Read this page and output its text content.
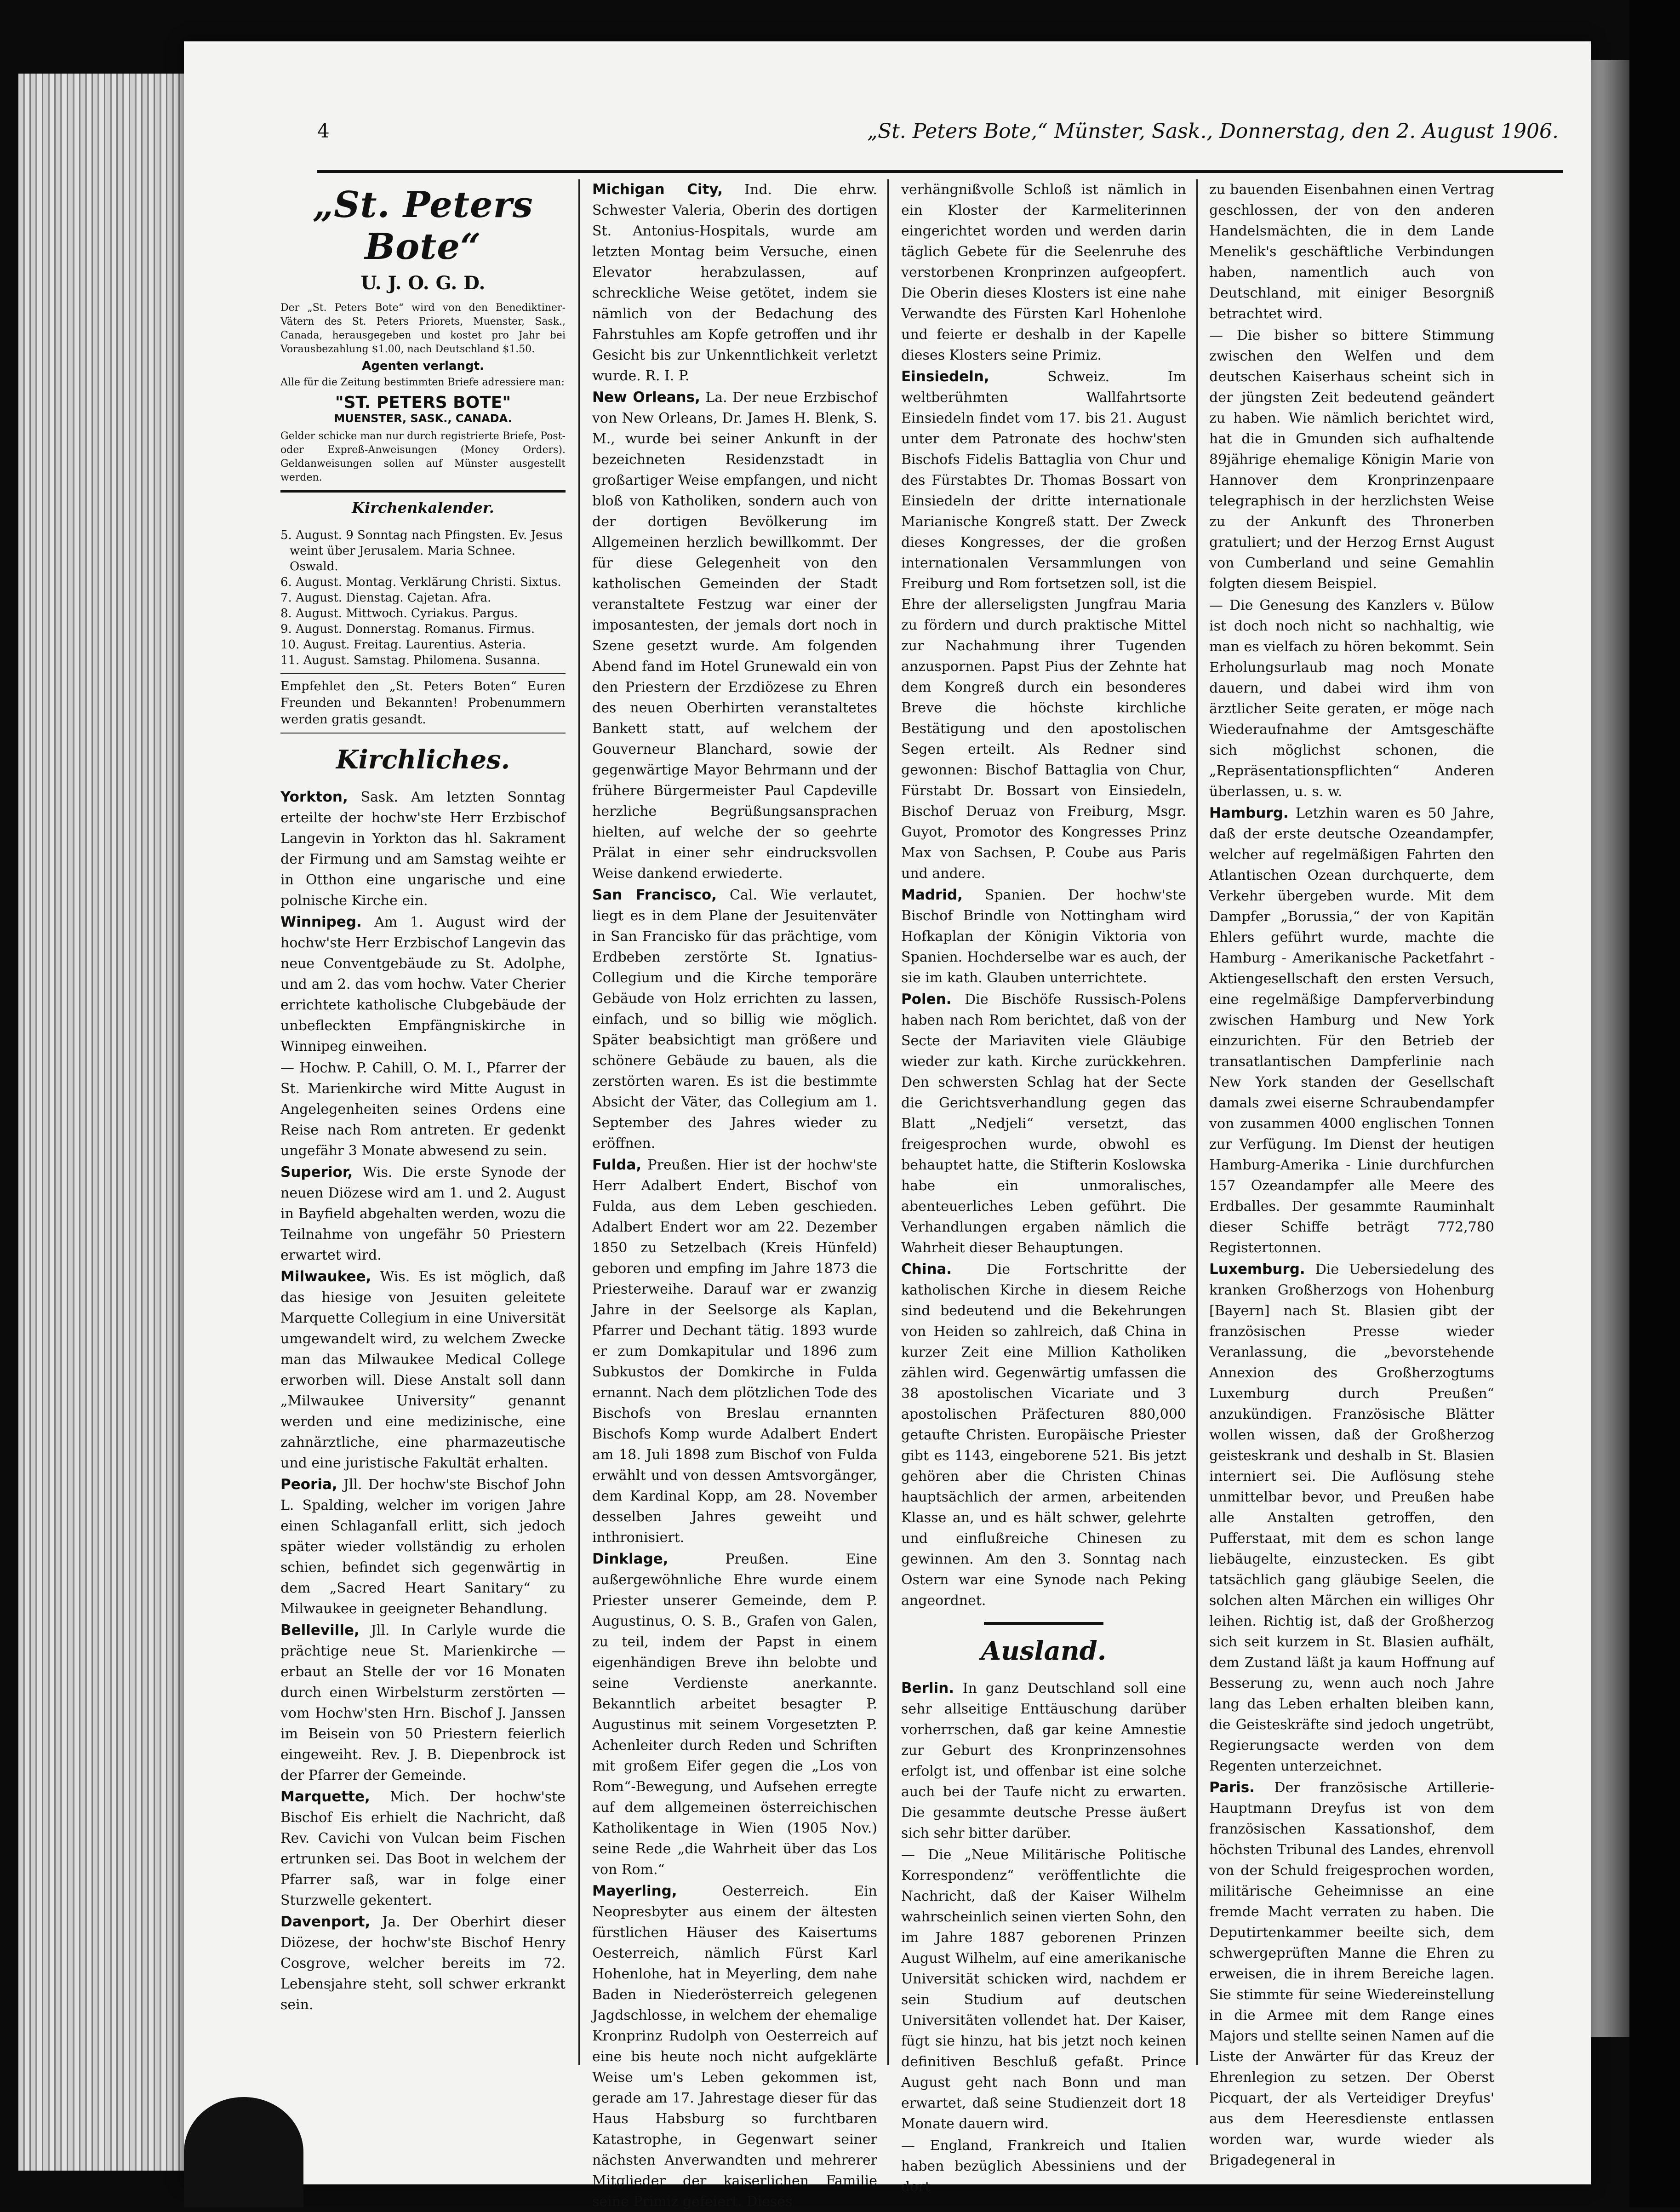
4	„St. Peters Bote,“ Münster, Sask., Donnerstag, den 2. August 1906.
„St. Peters Bote“
U. J. O. G. D.

Der „St. Peters Bote“ wird von den Benediktiner-Vätern des St. Peters Priorets, Muenster, Sask., Canada, herausgegeben und kostet pro Jahr bei Vorausbezahlung $1.00, nach Deutschland $1.50.

Agenten verlangt.

Alle für die Zeitung bestimmten Briefe adressiere man:

"ST. PETERS BOTE"
MUENSTER, SASK., CANADA.

Gelder schicke man nur durch registrierte Briefe, Post- oder Expreß-Anweisungen (Money Orders). Geldanweisungen sollen auf Münster ausgestellt werden.

Kirchenkalender.

5. August. 9 Sonntag nach Pfingsten. Ev. Jesus weint über Jerusalem. Maria Schnee. Oswald.

6. August. Montag. Verklärung Christi. Sixtus.

7. August. Dienstag. Cajetan. Afra.

8. August. Mittwoch. Cyriakus. Pargus.

9. August. Donnerstag. Romanus. Firmus.

10. August. Freitag. Laurentius. Asteria.

11. August. Samstag. Philomena. Susanna.

Empfehlet den „St. Peters Boten“ Euren Freunden und Bekannten! Probenummern werden gratis gesandt.

Kirchliches.

Yorkton, Sask. Am letzten Sonntag erteilte der hochw'ste Herr Erzbischof Langevin in Yorkton das hl. Sakrament der Firmung und am Samstag weihte er in Otthon eine ungarische und eine polnische Kirche ein.

Winnipeg. Am 1. August wird der hochw'ste Herr Erzbischof Langevin das neue Conventgebäude zu St. Adolphe, und am 2. das vom hochw. Vater Cherier errichtete katholische Clubgebäude der unbefleckten Empfängniskirche in Winnipeg einweihen.

— Hochw. P. Cahill, O. M. I., Pfarrer der St. Marienkirche wird Mitte August in Angelegenheiten seines Ordens eine Reise nach Rom antreten. Er gedenkt ungefähr 3 Monate abwesend zu sein.

Superior, Wis. Die erste Synode der neuen Diözese wird am 1. und 2. August in Bayfield abgehalten werden, wozu die Teilnahme von ungefähr 50 Priestern erwartet wird.

Milwaukee, Wis. Es ist möglich, daß das hiesige von Jesuiten geleitete Marquette Collegium in eine Universität umgewandelt wird, zu welchem Zwecke man das Milwaukee Medical College erworben will. Diese Anstalt soll dann „Milwaukee University“ genannt werden und eine medizinische, eine zahnärztliche, eine pharmazeutische und eine juristische Fakultät erhalten.

Peoria, Jll. Der hochw'ste Bischof John L. Spalding, welcher im vorigen Jahre einen Schlaganfall erlitt, sich jedoch später wieder vollständig zu erholen schien, befindet sich gegenwärtig in dem „Sacred Heart Sanitary“ zu Milwaukee in geeigneter Behandlung.

Belleville, Jll. In Carlyle wurde die prächtige neue St. Marienkirche — erbaut an Stelle der vor 16 Monaten durch einen Wirbelsturm zerstörten — vom Hochw'sten Hrn. Bischof J. Janssen im Beisein von 50 Priestern feierlich eingeweiht. Rev. J. B. Diepenbrock ist der Pfarrer der Gemeinde.

Marquette, Mich. Der hochw'ste Bischof Eis erhielt die Nachricht, daß Rev. Cavichi von Vulcan beim Fischen ertrunken sei. Das Boot in welchem der Pfarrer saß, war in folge einer Sturzwelle gekentert.

Davenport, Ja. Der Oberhirt dieser Diözese, der hochw'ste Bischof Henry Cosgrove, welcher bereits im 72. Lebensjahre steht, soll schwer erkrankt sein.

Michigan City, Ind. Die ehrw. Schwester Valeria, Oberin des dortigen St. Antonius-Hospitals, wurde am letzten Montag beim Versuche, einen Elevator herabzulassen, auf schreckliche Weise getötet, indem sie nämlich von der Bedachung des Fahrstuhles am Kopfe getroffen und ihr Gesicht bis zur Unkenntlichkeit verletzt wurde. R. I. P.

New Orleans, La. Der neue Erzbischof von New Orleans, Dr. James H. Blenk, S. M., wurde bei seiner Ankunft in der bezeichneten Residenzstadt in großartiger Weise empfangen, und nicht bloß von Katholiken, sondern auch von der dortigen Bevölkerung im Allgemeinen herzlich bewillkommt. Der für diese Gelegenheit von den katholischen Gemeinden der Stadt veranstaltete Festzug war einer der imposantesten, der jemals dort noch in Szene gesetzt wurde. Am folgenden Abend fand im Hotel Grunewald ein von den Priestern der Erzdiözese zu Ehren des neuen Oberhirten veranstaltetes Bankett statt, auf welchem der Gouverneur Blanchard, sowie der gegenwärtige Mayor Behrmann und der frühere Bürgermeister Paul Capdeville herzliche Begrüßungsansprachen hielten, auf welche der so geehrte Prälat in einer sehr eindrucksvollen Weise dankend erwiederte.

San Francisco, Cal. Wie verlautet, liegt es in dem Plane der Jesuitenväter in San Francisko für das prächtige, vom Erdbeben zerstörte St. Ignatius-Collegium und die Kirche temporäre Gebäude von Holz errichten zu lassen, einfach, und so billig wie möglich. Später beabsichtigt man größere und schönere Gebäude zu bauen, als die zerstörten waren. Es ist die bestimmte Absicht der Väter, das Collegium am 1. September des Jahres wieder zu eröffnen.

Fulda, Preußen. Hier ist der hochw'ste Herr Adalbert Endert, Bischof von Fulda, aus dem Leben geschieden. Adalbert Endert wor am 22. Dezember 1850 zu Setzelbach (Kreis Hünfeld) geboren und empfing im Jahre 1873 die Priesterweihe. Darauf war er zwanzig Jahre in der Seelsorge als Kaplan, Pfarrer und Dechant tätig. 1893 wurde er zum Domkapitular und 1896 zum Subkustos der Domkirche in Fulda ernannt. Nach dem plötzlichen Tode des Bischofs von Breslau ernannten Bischofs Komp wurde Adalbert Endert am 18. Juli 1898 zum Bischof von Fulda erwählt und von dessen Amtsvorgänger, dem Kardinal Kopp, am 28. November desselben Jahres geweiht und inthronisiert.

Dinklage, Preußen. Eine außergewöhnliche Ehre wurde einem Priester unserer Gemeinde, dem P. Augustinus, O. S. B., Grafen von Galen, zu teil, indem der Papst in einem eigenhändigen Breve ihn belobte und seine Verdienste anerkannte. Bekanntlich arbeitet besagter P. Augustinus mit seinem Vorgesetzten P. Achenleiter durch Reden und Schriften mit großem Eifer gegen die „Los von Rom“-Bewegung, und Aufsehen erregte auf dem allgemeinen österreichischen Katholikentage in Wien (1905 Nov.) seine Rede „die Wahrheit über das Los von Rom.“

Mayerling, Oesterreich. Ein Neopresbyter aus einem der ältesten fürstlichen Häuser des Kaisertums Oesterreich, nämlich Fürst Karl Hohenlohe, hat in Meyerling, dem nahe Baden in Niederösterreich gelegenen Jagdschlosse, in welchem der ehemalige Kronprinz Rudolph von Oesterreich auf eine bis heute noch nicht aufgeklärte Weise um's Leben gekommen ist, gerade am 17. Jahrestage dieser für das Haus Habsburg so furchtbaren Katastrophe, in Gegenwart seiner nächsten Anverwandten und mehrerer Mitglieder der kaiserlichen Familie seine Primiz gefeiert. Dieses

verhängnißvolle Schloß ist nämlich in ein Kloster der Karmeliterinnen eingerichtet worden und werden darin täglich Gebete für die Seelenruhe des verstorbenen Kronprinzen aufgeopfert. Die Oberin dieses Klosters ist eine nahe Verwandte des Fürsten Karl Hohenlohe und feierte er deshalb in der Kapelle dieses Klosters seine Primiz.

Einsiedeln, Schweiz. Im weltberühmten Wallfahrtsorte Einsiedeln findet vom 17. bis 21. August unter dem Patronate des hochw'sten Bischofs Fidelis Battaglia von Chur und des Fürstabtes Dr. Thomas Bossart von Einsiedeln der dritte internationale Marianische Kongreß statt. Der Zweck dieses Kongresses, der die großen internationalen Versammlungen von Freiburg und Rom fortsetzen soll, ist die Ehre der allerseligsten Jungfrau Maria zu fördern und durch praktische Mittel zur Nachahmung ihrer Tugenden anzuspornen. Papst Pius der Zehnte hat dem Kongreß durch ein besonderes Breve die höchste kirchliche Bestätigung und den apostolischen Segen erteilt. Als Redner sind gewonnen: Bischof Battaglia von Chur, Fürstabt Dr. Bossart von Einsiedeln, Bischof Deruaz von Freiburg, Msgr. Guyot, Promotor des Kongresses Prinz Max von Sachsen, P. Coube aus Paris und andere.

Madrid, Spanien. Der hochw'ste Bischof Brindle von Nottingham wird Hofkaplan der Königin Viktoria von Spanien. Hochderselbe war es auch, der sie im kath. Glauben unterrichtete.

Polen. Die Bischöfe Russisch-Polens haben nach Rom berichtet, daß von der Secte der Mariaviten viele Gläubige wieder zur kath. Kirche zurückkehren. Den schwersten Schlag hat der Secte die Gerichtsverhandlung gegen das Blatt „Nedjeli“ versetzt, das freigesprochen wurde, obwohl es behauptet hatte, die Stifterin Koslowska habe ein unmoralisches, abenteuerliches Leben geführt. Die Verhandlungen ergaben nämlich die Wahrheit dieser Behauptungen.

China. Die Fortschritte der katholischen Kirche in diesem Reiche sind bedeutend und die Bekehrungen von Heiden so zahlreich, daß China in kurzer Zeit eine Million Katholiken zählen wird. Gegenwärtig umfassen die 38 apostolischen Vicariate und 3 apostolischen Präfecturen 880,000 getaufte Christen. Europäische Priester gibt es 1143, eingeborene 521. Bis jetzt gehören aber die Christen Chinas hauptsächlich der armen, arbeitenden Klasse an, und es hält schwer, gelehrte und einflußreiche Chinesen zu gewinnen. Am den 3. Sonntag nach Ostern war eine Synode nach Peking angeordnet.

Ausland.

Berlin. In ganz Deutschland soll eine sehr allseitige Enttäuschung darüber vorherrschen, daß gar keine Amnestie zur Geburt des Kronprinzensohnes erfolgt ist, und offenbar ist eine solche auch bei der Taufe nicht zu erwarten. Die gesammte deutsche Presse äußert sich sehr bitter darüber.

— Die „Neue Militärische Politische Korrespondenz“ veröffentlichte die Nachricht, daß der Kaiser Wilhelm wahrscheinlich seinen vierten Sohn, den im Jahre 1887 geborenen Prinzen August Wilhelm, auf eine amerikanische Universität schicken wird, nachdem er sein Studium auf deutschen Universitäten vollendet hat. Der Kaiser, fügt sie hinzu, hat bis jetzt noch keinen definitiven Beschluß gefaßt. Prince August geht nach Bonn und man erwartet, daß seine Studienzeit dort 18 Monate dauern wird.

— England, Frankreich und Italien haben bezüglich Abessiniens und der dort

zu bauenden Eisenbahnen einen Vertrag geschlossen, der von den anderen Handelsmächten, die in dem Lande Menelik's geschäftliche Verbindungen haben, namentlich auch von Deutschland, mit einiger Besorgniß betrachtet wird.

— Die bisher so bittere Stimmung zwischen den Welfen und dem deutschen Kaiserhaus scheint sich in der jüngsten Zeit bedeutend geändert zu haben. Wie nämlich berichtet wird, hat die in Gmunden sich aufhaltende 89jährige ehemalige Königin Marie von Hannover dem Kronprinzenpaare telegraphisch in der herzlichsten Weise zu der Ankunft des Thronerben gratuliert; und der Herzog Ernst August von Cumberland und seine Gemahlin folgten diesem Beispiel.

— Die Genesung des Kanzlers v. Bülow ist doch noch nicht so nachhaltig, wie man es vielfach zu hören bekommt. Sein Erholungsurlaub mag noch Monate dauern, und dabei wird ihm von ärztlicher Seite geraten, er möge nach Wiederaufnahme der Amtsgeschäfte sich möglichst schonen, die „Repräsentationspflichten“ Anderen überlassen, u. s. w.

Hamburg. Letzhin waren es 50 Jahre, daß der erste deutsche Ozeandampfer, welcher auf regelmäßigen Fahrten den Atlantischen Ozean durchquerte, dem Verkehr übergeben wurde. Mit dem Dampfer „Borussia,“ der von Kapitän Ehlers geführt wurde, machte die Hamburg - Amerikanische Packetfahrt - Aktiengesellschaft den ersten Versuch, eine regelmäßige Dampferverbindung zwischen Hamburg und New York einzurichten. Für den Betrieb der transatlantischen Dampferlinie nach New York standen der Gesellschaft damals zwei eiserne Schraubendampfer von zusammen 4000 englischen Tonnen zur Verfügung. Im Dienst der heutigen Hamburg-Amerika - Linie durchfurchen 157 Ozeandampfer alle Meere des Erdballes. Der gesammte Rauminhalt dieser Schiffe beträgt 772,780 Registertonnen.

Luxemburg. Die Uebersiedelung des kranken Großherzogs von Hohenburg [Bayern] nach St. Blasien gibt der französischen Presse wieder Veranlassung, die „bevorstehende Annexion des Großherzogtums Luxemburg durch Preußen“ anzukündigen. Französische Blätter wollen wissen, daß der Großherzog geisteskrank und deshalb in St. Blasien interniert sei. Die Auflösung stehe unmittelbar bevor, und Preußen habe alle Anstalten getroffen, den Pufferstaat, mit dem es schon lange liebäugelte, einzustecken. Es gibt tatsächlich gang gläubige Seelen, die solchen alten Märchen ein williges Ohr leihen. Richtig ist, daß der Großherzog sich seit kurzem in St. Blasien aufhält, dem Zustand läßt ja kaum Hoffnung auf Besserung zu, wenn auch noch Jahre lang das Leben erhalten bleiben kann, die Geisteskräfte sind jedoch ungetrübt, Regierungsacte werden von dem Regenten unterzeichnet.

Paris. Der französische Artillerie-Hauptmann Dreyfus ist von dem französischen Kassationshof, dem höchsten Tribunal des Landes, ehrenvoll von der Schuld freigesprochen worden, militärische Geheimnisse an eine fremde Macht verraten zu haben. Die Deputirtenkammer beeilte sich, dem schwergeprüften Manne die Ehren zu erweisen, die in ihrem Bereiche lagen. Sie stimmte für seine Wiedereinstellung in die Armee mit dem Range eines Majors und stellte seinen Namen auf die Liste der Anwärter für das Kreuz der Ehrenlegion zu setzen. Der Oberst Picquart, der als Verteidiger Dreyfus' aus dem Heeresdienste entlassen worden war, wurde wieder als Brigadegeneral in
